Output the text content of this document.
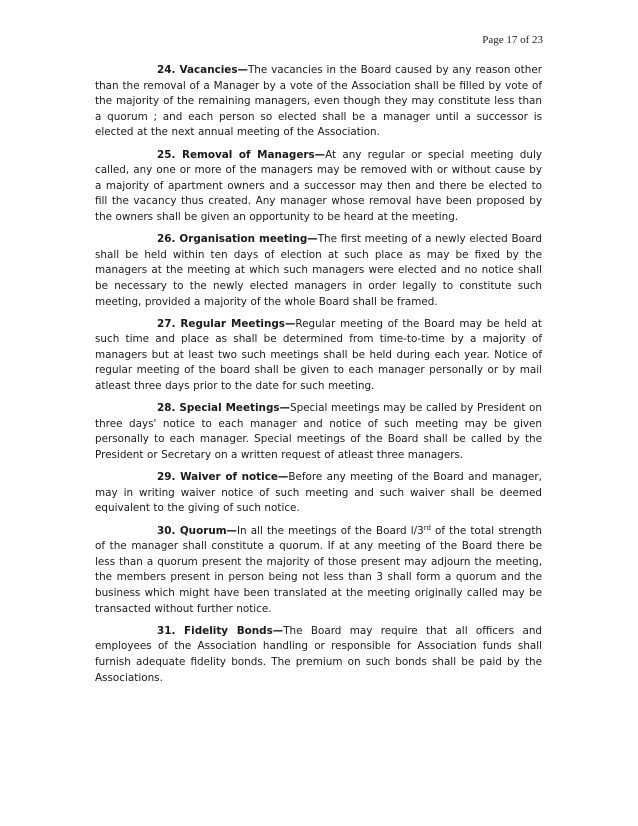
Page 17 of 23

24. Vacancies—The vacancies in the Board caused by any reason other than the removal of a Manager by a vote of the Association shall be filled by vote of the majority of the remaining managers, even though they may constitute less than a quorum ; and each person so elected shall be a manager until a successor is elected at the next annual meeting of the Association.

25. Removal of Managers—At any regular or special meeting duly called, any one or more of the managers may be removed with or without cause by a majority of apartment owners and a successor may then and there be elected to fill the vacancy thus created. Any manager whose removal have been proposed by the owners shall be given an opportunity to be heard at the meeting.

26. Organisation meeting—The first meeting of a newly elected Board shall be held within ten days of election at such place as may be fixed by the managers at the meeting at which such managers were elected and no notice shall be necessary to the newly elected managers in order legally to constitute such meeting, provided a majority of the whole Board shall be framed.

27. Regular Meetings—Regular meeting of the Board may be held at such time and place as shall be determined from time-to-time by a majority of managers but at least two such meetings shall be held during each year. Notice of regular meeting of the board shall be given to each manager personally or by mail atleast three days prior to the date for such meeting.

28. Special Meetings—Special meetings may be called by President on three days' notice to each manager and notice of such meeting may be given personally to each manager. Special meetings of the Board shall be called by the President or Secretary on a written request of atleast three managers.

29. Waiver of notice—Before any meeting of the Board and manager, may in writing waiver notice of such meeting and such waiver shall be deemed equivalent to the giving of such notice.

30. Quorum—In all the meetings of the Board l/3rd of the total strength of the manager shall constitute a quorum. If at any meeting of the Board there be less than a quorum present the majority of those present may adjourn the meeting, the members present in person being not less than 3 shall form a quorum and the business which might have been translated at the meeting originally called may be transacted without further notice.

31. Fidelity Bonds—The Board may require that all officers and employees of the Association handling or responsible for Association funds shall furnish adequate fidelity bonds. The premium on such bonds shall be paid by the Associations.
